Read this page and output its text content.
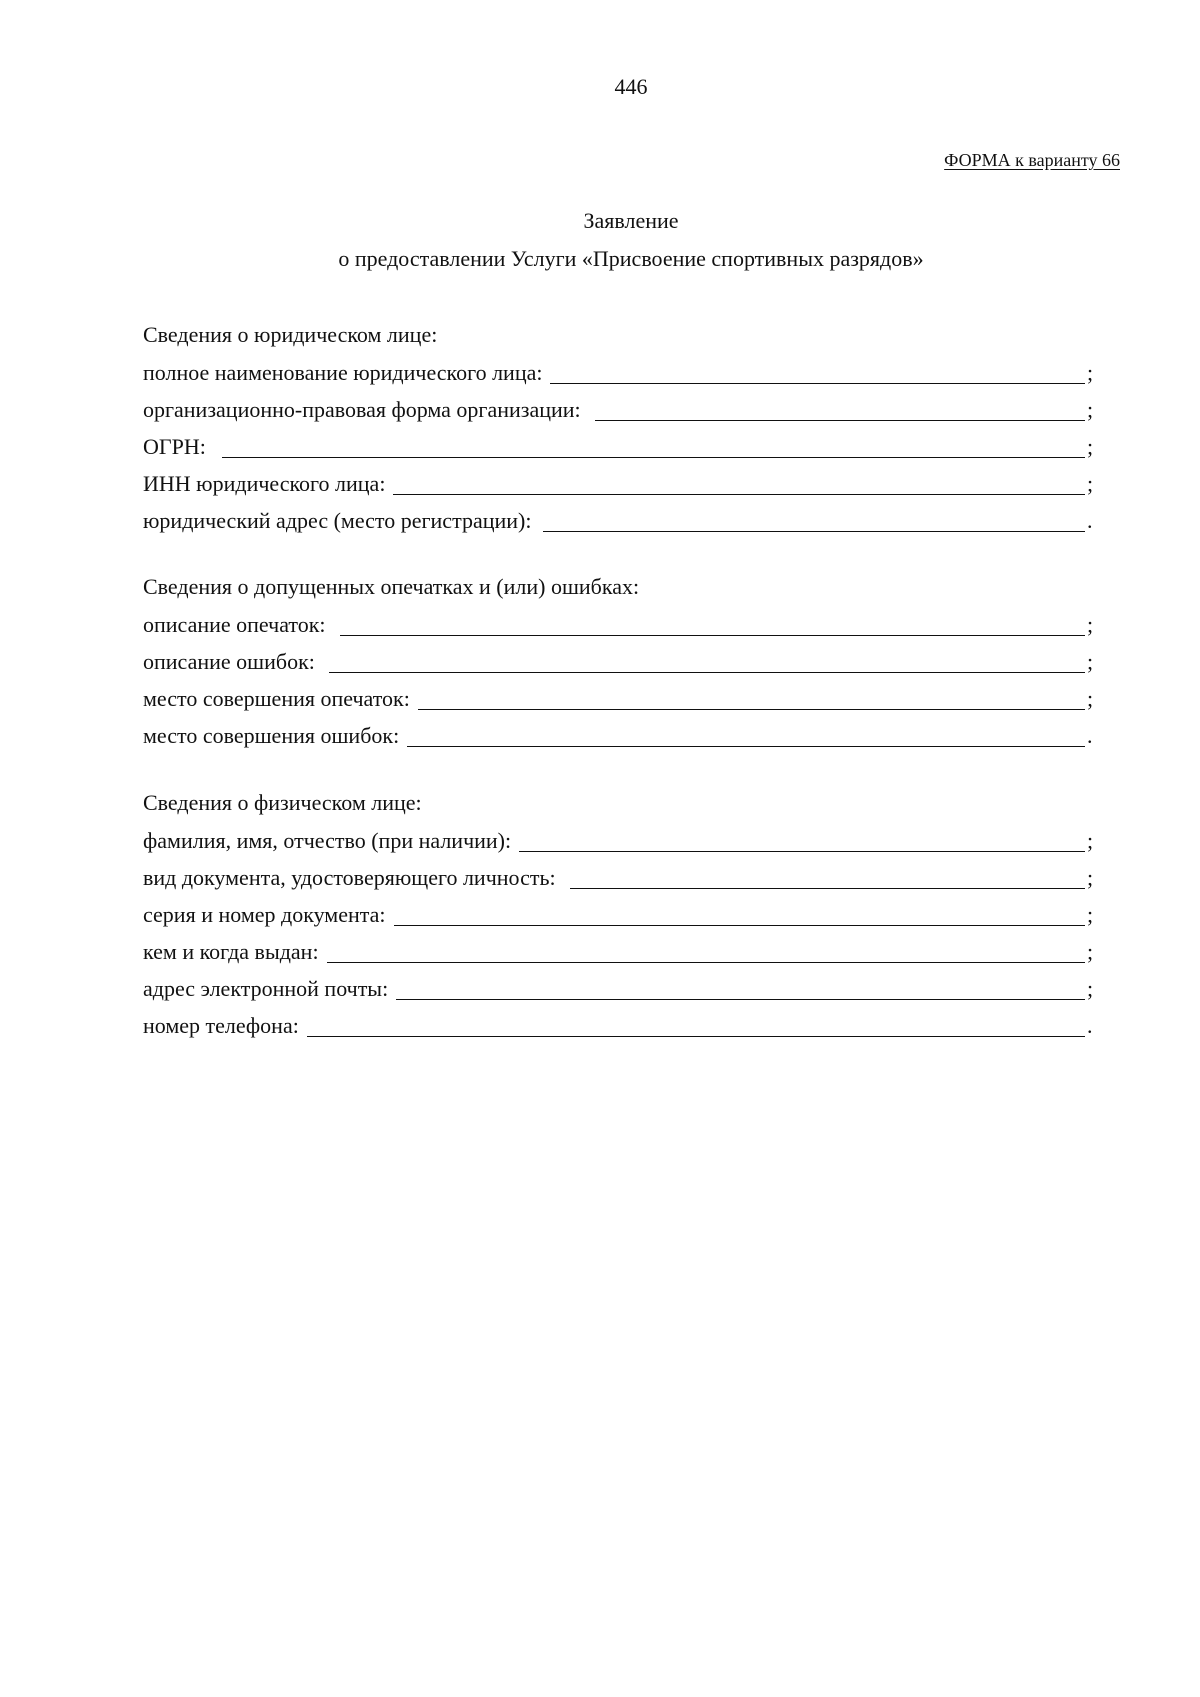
446
ФОРМА к варианту 66
Заявление
о предоставлении Услуги «Присвоение спортивных разрядов»
Сведения о юридическом лице:
полное наименование юридического лица:	;
организационно-правовая форма организации:	;
ОГРН:	;
ИНН юридического лица:	;
юридический адрес (место регистрации):	.
Сведения о допущенных опечатках и (или) ошибках:
описание опечаток:	;
описание ошибок:	;
место совершения опечаток:	;
место совершения ошибок:	.
Сведения о физическом лице:
фамилия, имя, отчество (при наличии):	;
вид документа, удостоверяющего личность:	;
серия и номер документа:	;
кем и когда выдан:	;
адрес электронной почты:	;
номер телефона:	.
